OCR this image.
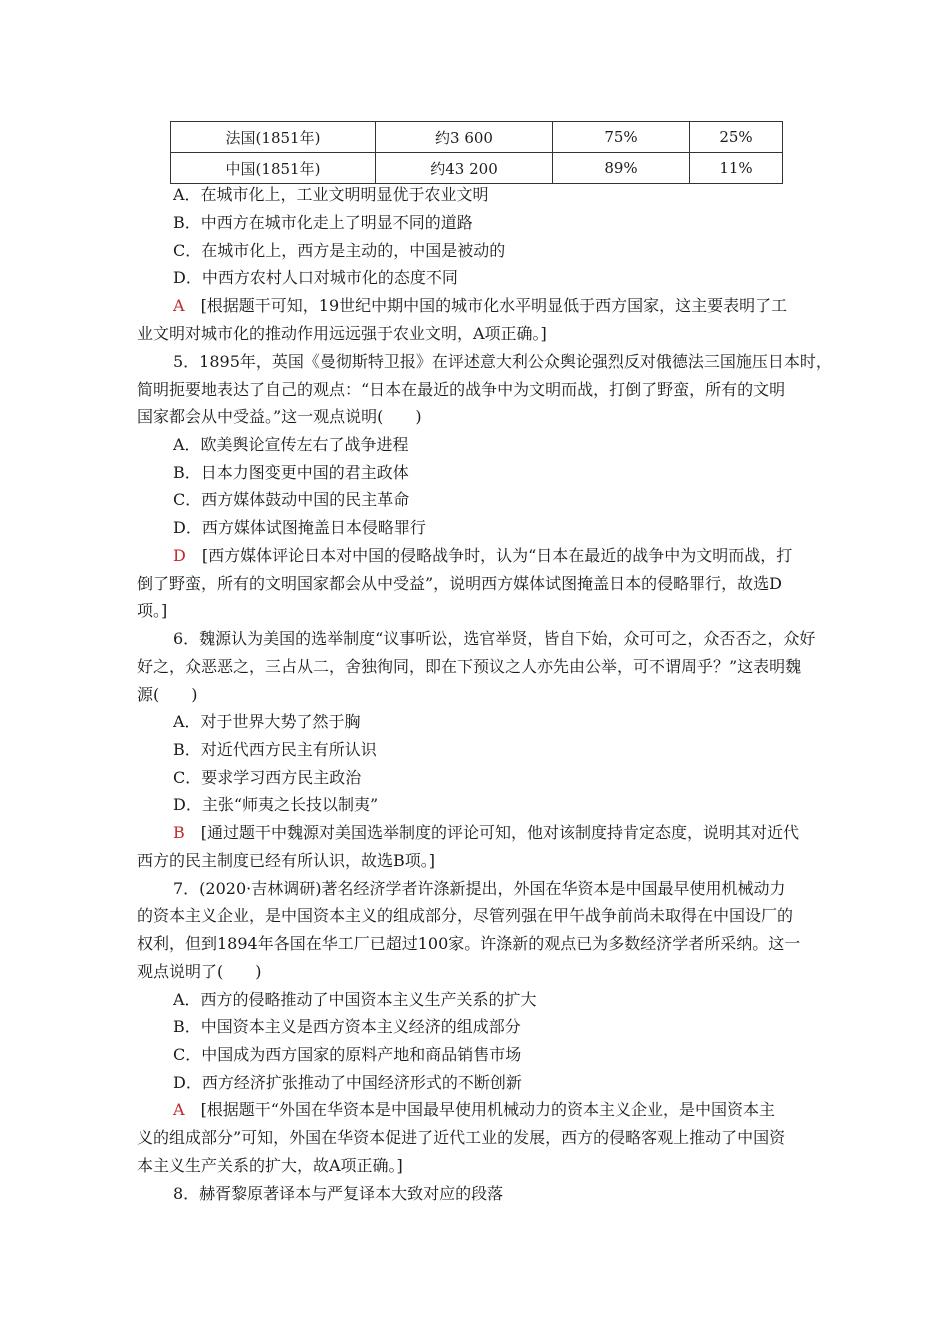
法国(1851年)	约3 600	75%	25%
中国(1851年)	约43 200	89%	11%
A．在城市化上，工业文明明显优于农业文明
B．中西方在城市化走上了明显不同的道路
C．在城市化上，西方是主动的，中国是被动的
D．中西方农村人口对城市化的态度不同
A　[根据题干可知，19世纪中期中国的城市化水平明显低于西方国家，这主要表明了工
业文明对城市化的推动作用远远强于农业文明，A项正确。]
5．1895年，英国《曼彻斯特卫报》在评述意大利公众舆论强烈反对俄德法三国施压日本时，
简明扼要地表达了自己的观点：“日本在最近的战争中为文明而战，打倒了野蛮，所有的文明
国家都会从中受益。”这一观点说明(　　)
A．欧美舆论宣传左右了战争进程
B．日本力图变更中国的君主政体
C．西方媒体鼓动中国的民主革命
D．西方媒体试图掩盖日本侵略罪行
D　[西方媒体评论日本对中国的侵略战争时，认为“日本在最近的战争中为文明而战，打
倒了野蛮，所有的文明国家都会从中受益”，说明西方媒体试图掩盖日本的侵略罪行，故选D
项。]
6．魏源认为美国的选举制度“议事听讼，选官举贤，皆自下始，众可可之，众否否之，众好
好之，众恶恶之，三占从二，舍独徇同，即在下预议之人亦先由公举，可不谓周乎？”这表明魏
源(　　)
A．对于世界大势了然于胸
B．对近代西方民主有所认识
C．要求学习西方民主政治
D．主张“师夷之长技以制夷”
B　[通过题干中魏源对美国选举制度的评论可知，他对该制度持肯定态度，说明其对近代
西方的民主制度已经有所认识，故选B项。]
7．(2020·吉林调研)著名经济学者许涤新提出，外国在华资本是中国最早使用机械动力
的资本主义企业，是中国资本主义的组成部分，尽管列强在甲午战争前尚未取得在中国设厂的
权利，但到1894年各国在华工厂已超过100家。许涤新的观点已为多数经济学者所采纳。这一
观点说明了(　　)
A．西方的侵略推动了中国资本主义生产关系的扩大
B．中国资本主义是西方资本主义经济的组成部分
C．中国成为西方国家的原料产地和商品销售市场
D．西方经济扩张推动了中国经济形式的不断创新
A　[根据题干“外国在华资本是中国最早使用机械动力的资本主义企业，是中国资本主
义的组成部分”可知，外国在华资本促进了近代工业的发展，西方的侵略客观上推动了中国资
本主义生产关系的扩大，故A项正确。]
8．赫胥黎原著译本与严复译本大致对应的段落
